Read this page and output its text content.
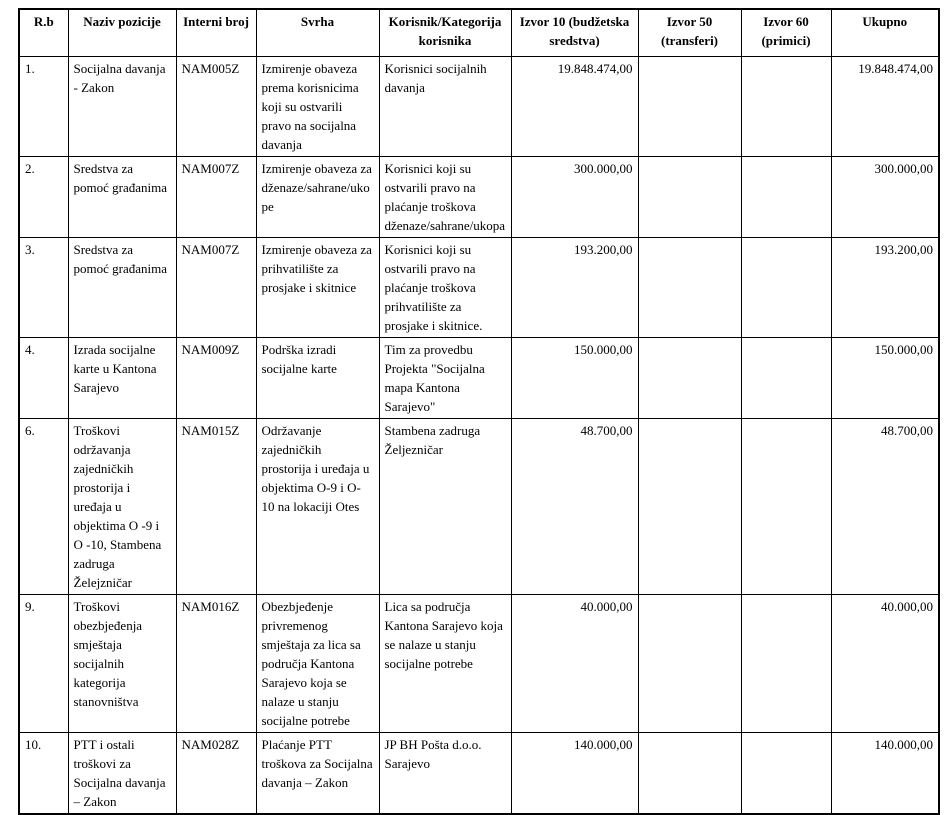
R.b	Naziv pozicije	Interni broj	Svrha	Korisnik/Kategorija korisnika	Izvor 10 (budžetska sredstva)	Izvor 50 (transferi)	Izvor 60 (primici)	Ukupno
1.	Socijalna davanja - Zakon	NAM005Z	Izmirenje obaveza prema korisnicima koji su ostvarili pravo na socijalna davanja	Korisnici socijalnih davanja	19.848.474,00			19.848.474,00
2.	Sredstva za pomoć građanima	NAM007Z	Izmirenje obaveza za dženaze/sahrane/ukope	Korisnici koji su ostvarili pravo na plaćanje troškova dženaze/sahrane/ukopa	300.000,00			300.000,00
3.	Sredstva za pomoć građanima	NAM007Z	Izmirenje obaveza za prihvatilište za prosjake i skitnice	Korisnici koji su ostvarili pravo na plaćanje troškova prihvatilište za prosjake i skitnice.	193.200,00			193.200,00
4.	Izrada socijalne karte u Kantona Sarajevo	NAM009Z	Podrška izradi socijalne karte	Tim za provedbu Projekta "Socijalna mapa Kantona Sarajevo"	150.000,00			150.000,00
6.	Troškovi održavanja zajedničkih prostorija i uređaja u objektima O -9 i O -10, Stambena zadruga Želejzničar	NAM015Z	Održavanje zajedničkih prostorija i uređaja u objektima O-9 i O-10 na lokaciji Otes	Stambena zadruga Željezničar	48.700,00			48.700,00
9.	Troškovi obezbjeđenja smještaja socijalnih kategorija stanovništva	NAM016Z	Obezbjeđenje privremenog smještaja za lica sa područja Kantona Sarajevo koja se nalaze u stanju socijalne potrebe	Lica sa područja Kantona Sarajevo koja se nalaze u stanju socijalne potrebe	40.000,00			40.000,00
10.	PTT i ostali troškovi za Socijalna davanja – Zakon	NAM028Z	Plaćanje PTT troškova za Socijalna davanja – Zakon	JP BH Pošta d.o.o. Sarajevo	140.000,00			140.000,00
